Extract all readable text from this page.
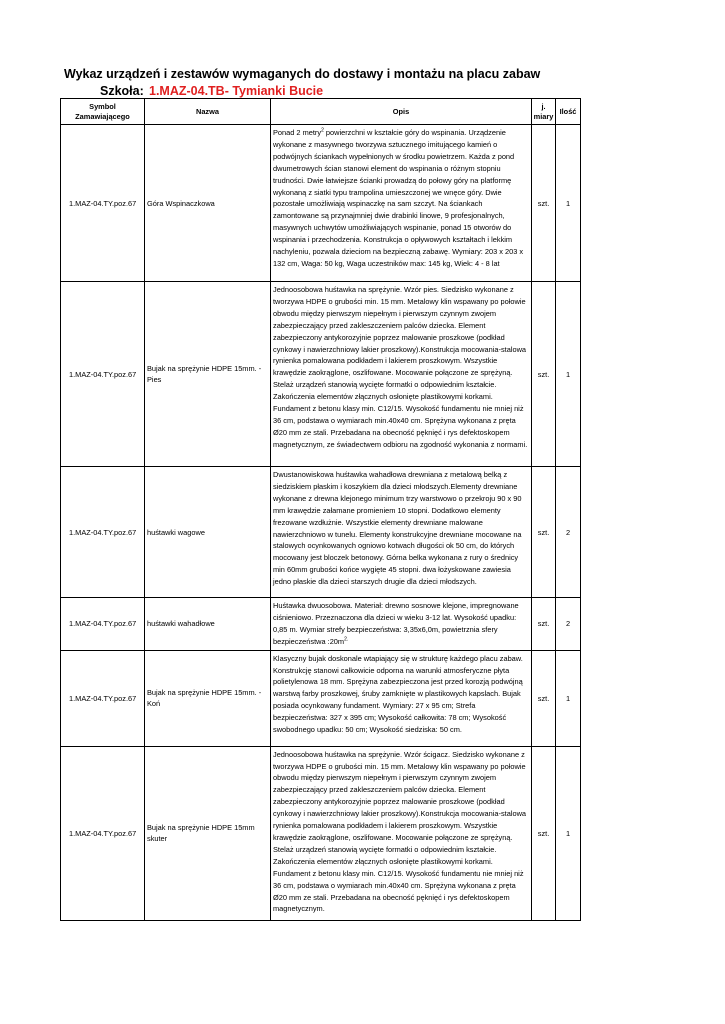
Wykaz urządzeń i zestawów wymaganych do dostawy i montażu na placu zabaw
Szkoła: 1.MAZ-04.TB- Tymianki Bucie
Symbol Zamawiającego	Nazwa	Opis	j. miary	Ilość
1.MAZ-04.TY.poz.67	Góra Wspinaczkowa	Ponad 2 metry$^2$ powierzchni w kształcie góry do wspinania. Urządzenie wykonane z masywnego tworzywa sztucznego imitującego kamień o podwójnych ściankach wypełnionych w środku powietrzem. Każda z pond dwumetrowych ścian stanowi element do wspinania o różnym stopniu trudności. Dwie łatwiejsze ścianki prowadzą do połowy góry na platformę wykonaną z siatki typu trampolina umieszczonej we wnęce góry. Dwie pozostałe umożliwiają wspinaczkę na sam szczyt. Na ściankach zamontowane są przynajmniej dwie drabinki linowe, 9 profesjonalnych, masywnych uchwytów umożliwiających wspinanie, ponad 15 otworów do wspinania i przechodzenia. Konstrukcja o opływowych kształtach i lekkim nachyleniu, pozwala dzieciom na bezpieczną zabawę. Wymiary: 203 x 203 x 132 cm, Waga: 50 kg, Waga uczestników max: 145 kg, Wiek: 4 - 8 lat	szt.	1
1.MAZ-04.TY.poz.67	Bujak na sprężynie HDPE 15mm. - Pies	Jednoosobowa huśtawka na sprężynie. Wzór pies. Siedzisko wykonane z tworzywa HDPE o grubości min. 15 mm. Metalowy klin wspawany po połowie obwodu między pierwszym niepełnym i pierwszym czynnym zwojem zabezpieczający przed zakleszczeniem palców dziecka. Element zabezpieczony antykorozyjnie poprzez malowanie proszkowe (podkład cynkowy i nawierzchniowy lakier proszkowy).Konstrukcja mocowania-stalowa rynienka pomalowana podkładem i lakierem proszkowym. Wszystkie krawędzie zaokrąglone, oszlifowane. Mocowanie połączone ze sprężyną. Stelaż urządzeń stanowią wycięte formatki o odpowiednim kształcie. Zakończenia elementów złącznych osłonięte plastikowymi korkami. Fundament z betonu klasy min. C12/15. Wysokość fundamentu nie mniej niż 36 cm, podstawa o wymiarach min.40x40 cm. Sprężyna wykonana z pręta Ø20 mm ze stali. Przebadana na obecność pęknięć i rys defektoskopem magnetycznym, ze świadectwem odbioru na zgodność wykonania z normami.	szt.	1
1.MAZ-04.TY.poz.67	huśtawki wagowe	Dwustanowiskowa huśtawka wahadłowa drewniana z metalową belką z siedziskiem płaskim i koszykiem dla dzieci młodszych.Elementy drewniane wykonane z drewna klejonego minimum trzy warstwowo o przekroju 90 x 90 mm krawędzie załamane promieniem 10 stopni. Dodatkowo elementy frezowane wzdłużnie. Wszystkie elementy drewniane malowane nawierzchniowo w tunelu. Elementy konstrukcyjne drewniane mocowane na stalowych ocynkowanych ogniowo kotwach długości ok 50 cm, do których mocowany jest bloczek betonowy. Górna belka wykonana z rury o średnicy min 60mm grubości końce wygięte 45 stopni. dwa łożyskowane zawiesia jedno płaskie dla dzieci starszych drugie dla dzieci młodszych.	szt.	2
1.MAZ-04.TY.poz.67	huśtawki wahadłowe	Huśtawka dwuosobowa. Materiał: drewno sosnowe klejone, impregnowane ciśnieniowo. Przeznaczona dla dzieci w wieku 3-12 lat. Wysokość upadku: 0,85 m. Wymiar strefy bezpieczeństwa: 3,35x6,0m, powietrznia sfery bezpieczeństwa $:20m^{2.}$	szt.	2
1.MAZ-04.TY.poz.67	Bujak na sprężynie HDPE 15mm. - Koń	Klasyczny bujak doskonale wtapiający się w strukturę każdego placu zabaw. Konstrukcję stanowi całkowicie odporna na warunki atmosferyczne płyta polietylenowa 18 mm. Sprężyna zabezpieczona jest przed korozją podwójną warstwą farby proszkowej, śruby zamknięte w plastikowych kapslach. Bujak posiada ocynkowany fundament. Wymiary: 27 x 95 cm; Strefa bezpieczeństwa: 327 x 395 cm; Wysokość całkowita: 78 cm; Wysokość swobodnego upadku: 50 cm; Wysokość siedziska: 50 cm.	szt.	1
1.MAZ-04.TY.poz.67	Bujak na sprężynie HDPE 15mm skuter	Jednoosobowa huśtawka na sprężynie. Wzór ścigacz. Siedzisko wykonane z tworzywa HDPE o grubości min. 15 mm. Metalowy klin wspawany po połowie obwodu między pierwszym niepełnym i pierwszym czynnym zwojem zabezpieczający przed zakleszczeniem palców dziecka. Element zabezpieczony antykorozyjnie poprzez malowanie proszkowe (podkład cynkowy i nawierzchniowy lakier proszkowy).Konstrukcja mocowania-stalowa rynienka pomalowana podkładem i lakierem proszkowym. Wszystkie krawędzie zaokrąglone, oszlifowane. Mocowanie połączone ze sprężyną. Stelaż urządzeń stanowią wycięte formatki o odpowiednim kształcie. Zakończenia elementów złącznych osłonięte plastikowymi korkami. Fundament z betonu klasy min. C12/15. Wysokość fundamentu nie mniej niż 36 cm, podstawa o wymiarach min.40x40 cm. Sprężyna wykonana z pręta Ø20 mm ze stali. Przebadana na obecność pęknięć i rys defektoskopem magnetycznym.	szt.	1
